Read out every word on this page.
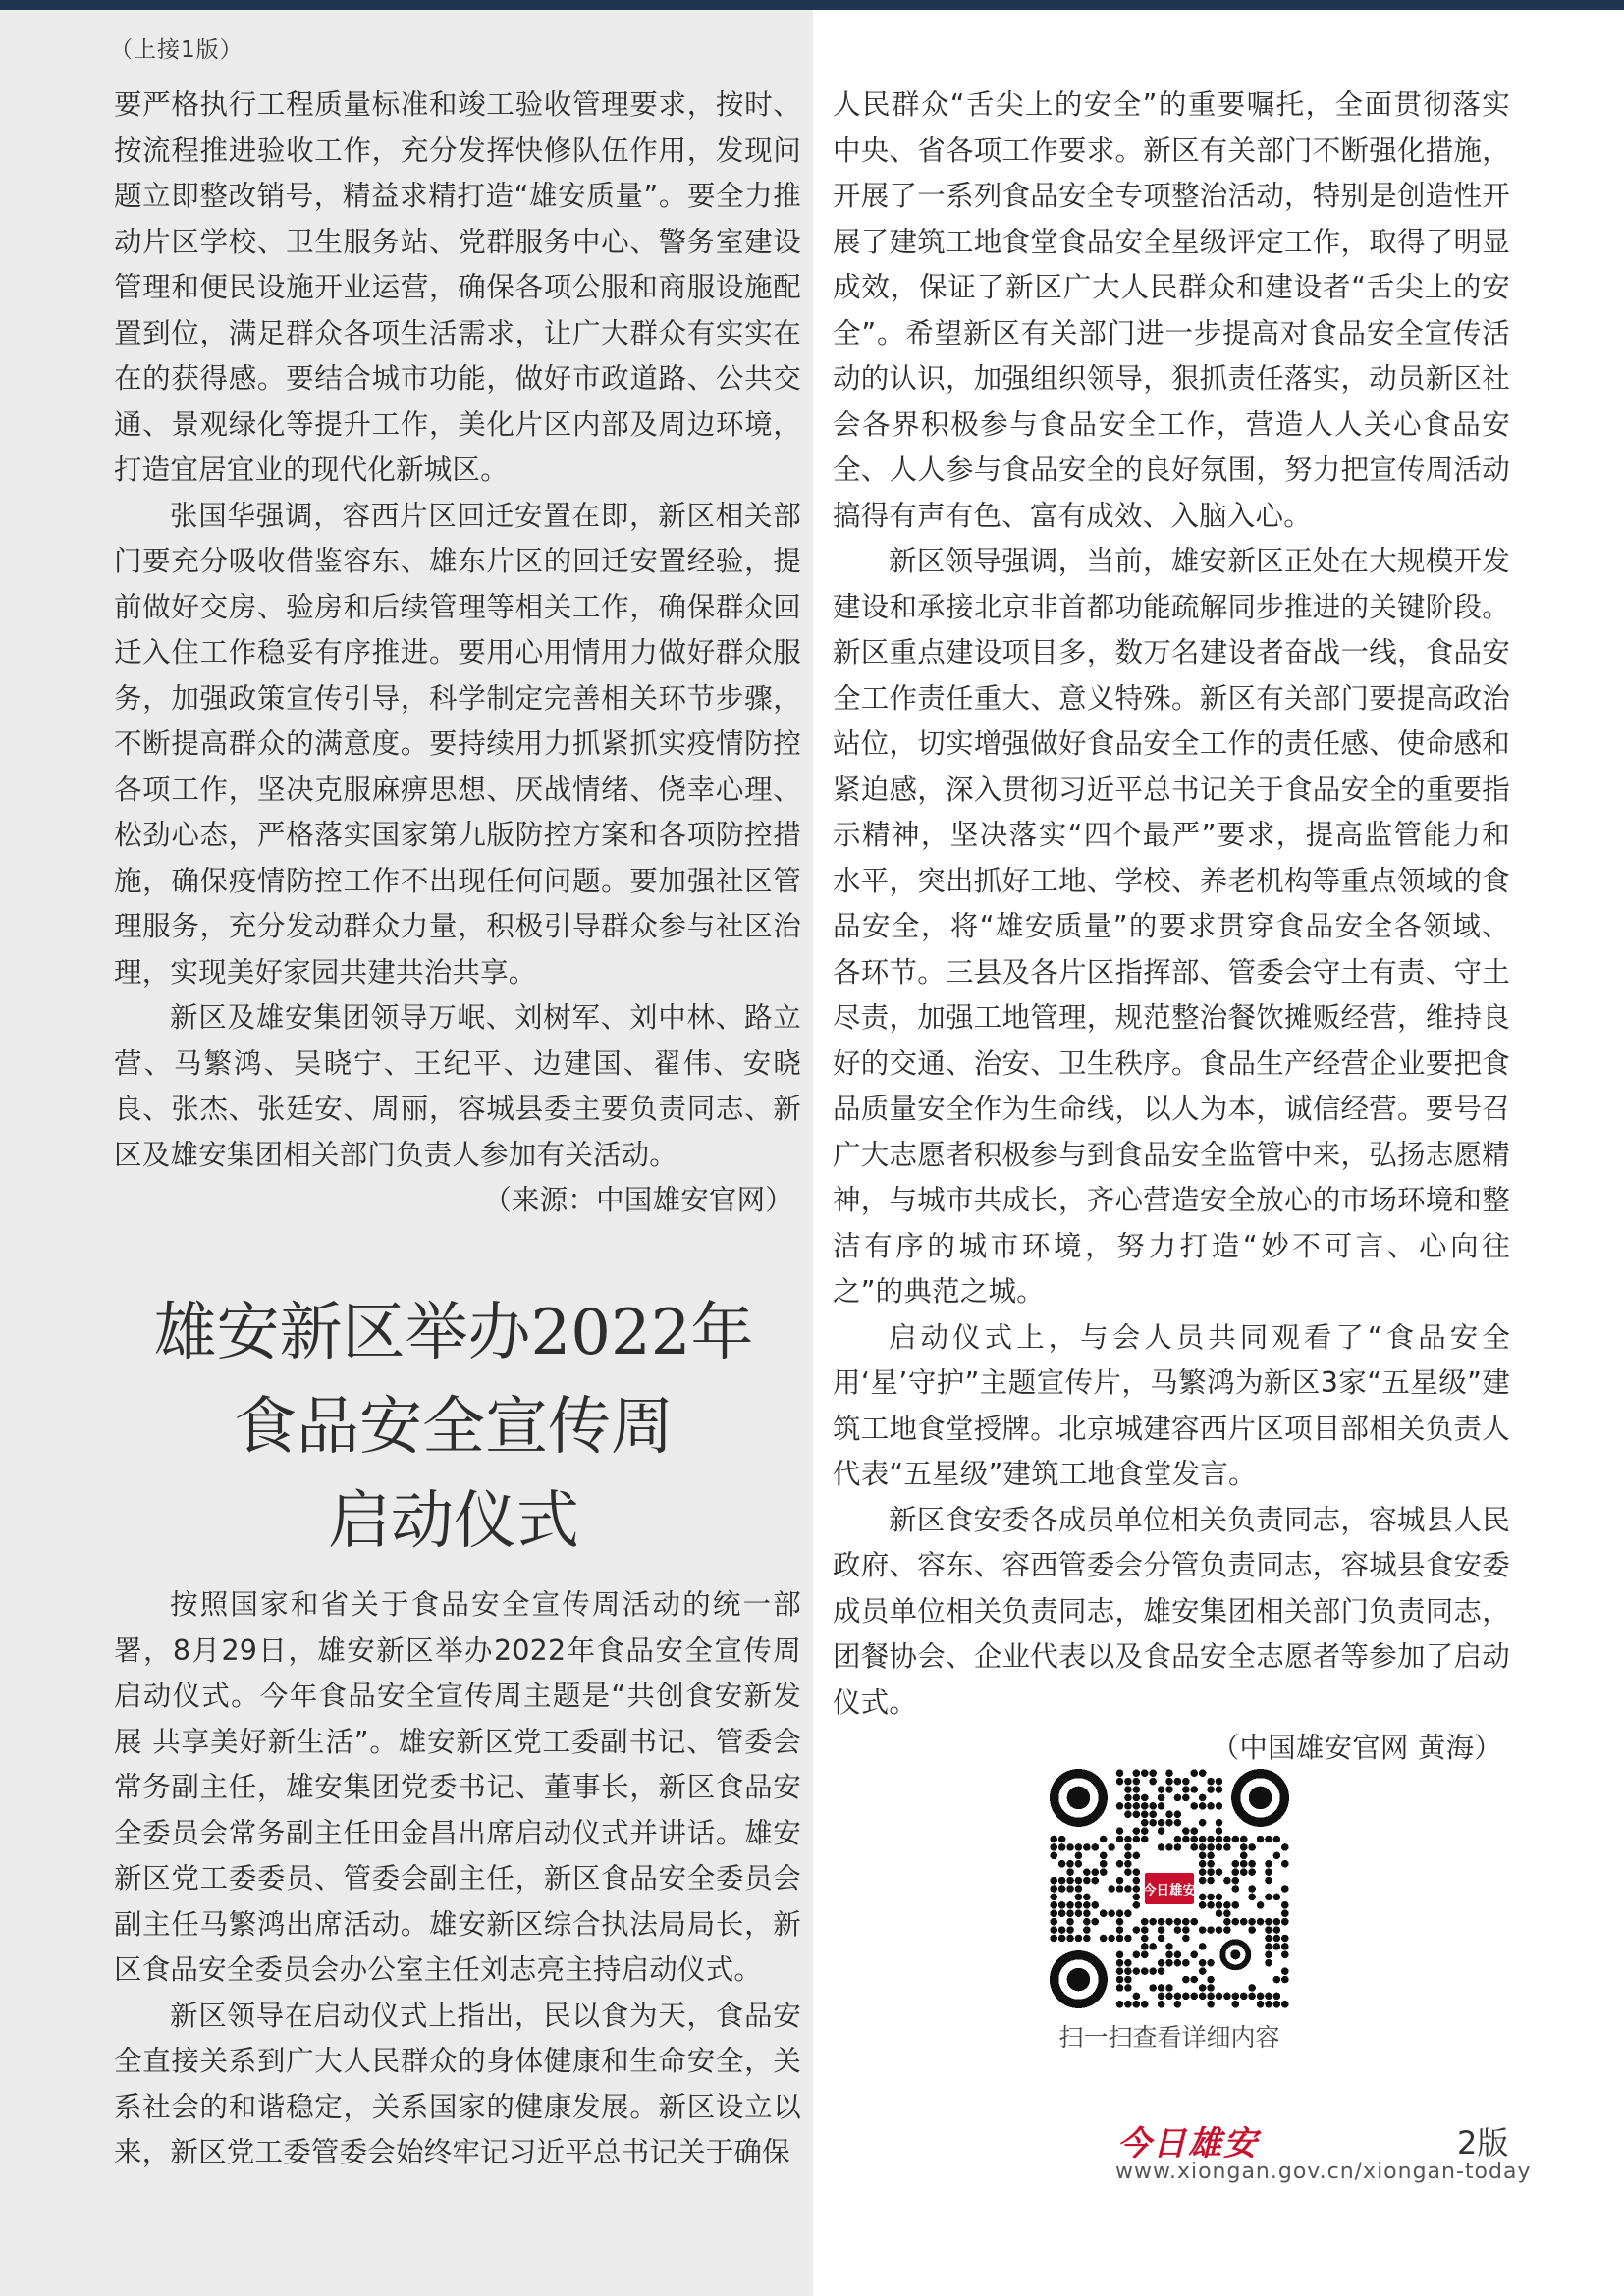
（上接1版）

要严格执行工程质量标准和竣工验收管理要求，按时、按流程推进验收工作，充分发挥快修队伍作用，发现问题立即整改销号，精益求精打造“雄安质量”。要全力推动片区学校、卫生服务站、党群服务中心、警务室建设管理和便民设施开业运营，确保各项公服和商服设施配置到位，满足群众各项生活需求，让广大群众有实实在在的获得感。要结合城市功能，做好市政道路、公共交通、景观绿化等提升工作，美化片区内部及周边环境，打造宜居宜业的现代化新城区。

张国华强调，容西片区回迁安置在即，新区相关部门要充分吸收借鉴容东、雄东片区的回迁安置经验，提前做好交房、验房和后续管理等相关工作，确保群众回迁入住工作稳妥有序推进。要用心用情用力做好群众服务，加强政策宣传引导，科学制定完善相关环节步骤，不断提高群众的满意度。要持续用力抓紧抓实疫情防控各项工作，坚决克服麻痹思想、厌战情绪、侥幸心理、松劲心态，严格落实国家第九版防控方案和各项防控措施，确保疫情防控工作不出现任何问题。要加强社区管理服务，充分发动群众力量，积极引导群众参与社区治理，实现美好家园共建共治共享。

新区及雄安集团领导万岷、刘树军、刘中林、路立营、马繁鸿、吴晓宁、王纪平、边建国、翟伟、安晓良、张杰、张廷安、周丽，容城县委主要负责同志、新区及雄安集团相关部门负责人参加有关活动。

（来源：中国雄安官网）

雄安新区举办2022年
食品安全宣传周
启动仪式

按照国家和省关于食品安全宣传周活动的统一部署，8月29日，雄安新区举办2022年食品安全宣传周启动仪式。今年食品安全宣传周主题是“共创食安新发展 共享美好新生活”。雄安新区党工委副书记、管委会常务副主任，雄安集团党委书记、董事长，新区食品安全委员会常务副主任田金昌出席启动仪式并讲话。雄安新区党工委委员、管委会副主任，新区食品安全委员会副主任马繁鸿出席活动。雄安新区综合执法局局长，新区食品安全委员会办公室主任刘志亮主持启动仪式。

新区领导在启动仪式上指出，民以食为天，食品安全直接关系到广大人民群众的身体健康和生命安全，关系社会的和谐稳定，关系国家的健康发展。新区设立以来，新区党工委管委会始终牢记习近平总书记关于确保

人民群众“舌尖上的安全”的重要嘱托，全面贯彻落实中央、省各项工作要求。新区有关部门不断强化措施，开展了一系列食品安全专项整治活动，特别是创造性开展了建筑工地食堂食品安全星级评定工作，取得了明显成效，保证了新区广大人民群众和建设者“舌尖上的安全”。希望新区有关部门进一步提高对食品安全宣传活动的认识，加强组织领导，狠抓责任落实，动员新区社会各界积极参与食品安全工作，营造人人关心食品安全、人人参与食品安全的良好氛围，努力把宣传周活动搞得有声有色、富有成效、入脑入心。

新区领导强调，当前，雄安新区正处在大规模开发建设和承接北京非首都功能疏解同步推进的关键阶段。新区重点建设项目多，数万名建设者奋战一线，食品安全工作责任重大、意义特殊。新区有关部门要提高政治站位，切实增强做好食品安全工作的责任感、使命感和紧迫感，深入贯彻习近平总书记关于食品安全的重要指示精神，坚决落实“四个最严”要求，提高监管能力和水平，突出抓好工地、学校、养老机构等重点领域的食品安全，将“雄安质量”的要求贯穿食品安全各领域、各环节。三县及各片区指挥部、管委会守土有责、守土尽责，加强工地管理，规范整治餐饮摊贩经营，维持良好的交通、治安、卫生秩序。食品生产经营企业要把食品质量安全作为生命线，以人为本，诚信经营。要号召广大志愿者积极参与到食品安全监管中来，弘扬志愿精神，与城市共成长，齐心营造安全放心的市场环境和整洁有序的城市环境，努力打造“妙不可言、心向往之”的典范之城。

启动仪式上，与会人员共同观看了“食品安全 用‘星’守护”主题宣传片，马繁鸿为新区3家“五星级”建筑工地食堂授牌。北京城建容西片区项目部相关负责人代表“五星级”建筑工地食堂发言。

新区食安委各成员单位相关负责同志，容城县人民政府、容东、容西管委会分管负责同志，容城县食安委成员单位相关负责同志，雄安集团相关部门负责同志，团餐协会、企业代表以及食品安全志愿者等参加了启动仪式。

（中国雄安官网 黄海）

今日雄安
扫一扫查看详细内容
今日雄安	2版
www.xiongan.gov.cn/xiongan-today
